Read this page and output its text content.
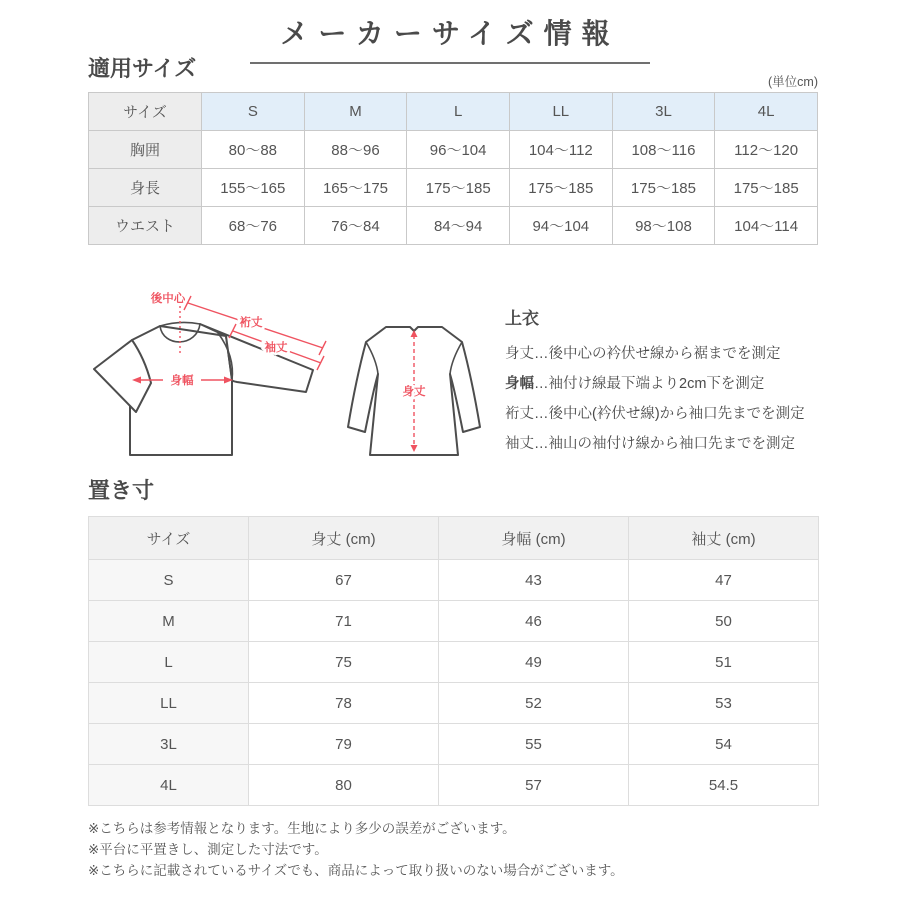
メーカーサイズ情報
適用サイズ
(単位cm)
サイズ	S	M	L	LL	3L	4L
胸囲	80〜88	88〜96	96〜104	104〜112	108〜116	112〜120
身長	155〜165	165〜175	175〜185	175〜185	175〜185	175〜185
ウエスト	68〜76	76〜84	84〜94	94〜104	98〜108	104〜114
後中心
裄丈
袖丈
身幅
身丈
上衣
身丈…後中心の衿伏せ線から裾までを測定
身幅…袖付け線最下端より2cm下を測定
裄丈…後中心(衿伏せ線)から袖口先までを測定
袖丈…袖山の袖付け線から袖口先までを測定
置き寸
サイズ	身丈 (cm)	身幅 (cm)	袖丈 (cm)
S	67	43	47
M	71	46	50
L	75	49	51
LL	78	52	53
3L	79	55	54
4L	80	57	54.5
※こちらは参考情報となります。生地により多少の誤差がございます。
※平台に平置きし、測定した寸法です。
※こちらに記載されているサイズでも、商品によって取り扱いのない場合がございます。
